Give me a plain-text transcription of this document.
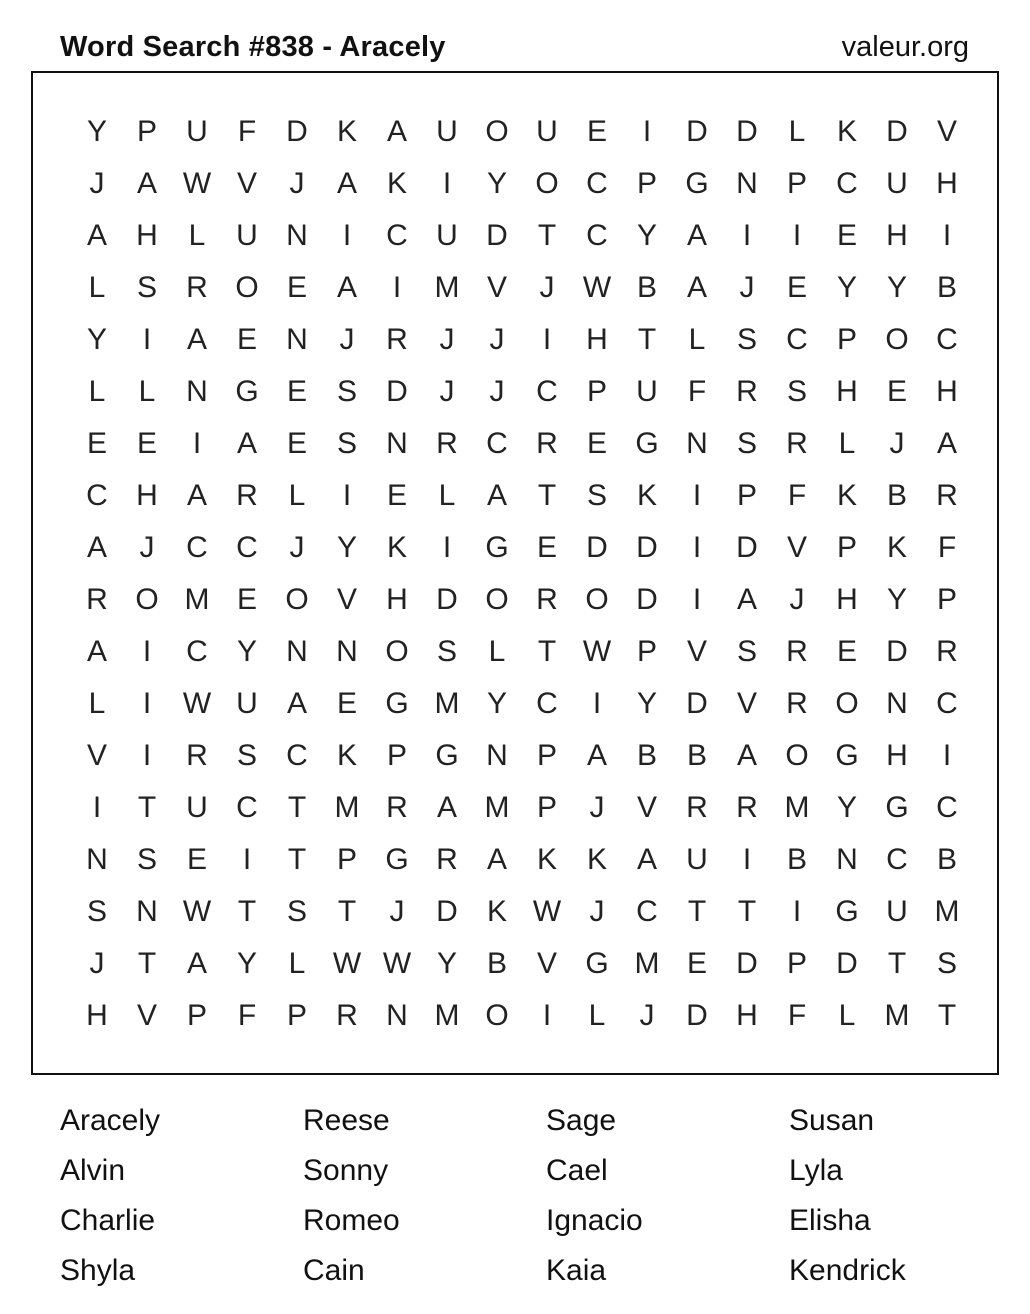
Word Search #838 - Aracely	valeur.org
Y P U	F	D K A U O U E	I	D D	L	K D V
J	A W V	J	A K	I	Y O C P G N P C U H
A H	L	U N	I	C U D	T	C Y A	I	I	E H	I
L	S R O E A	I	M V	J W B A	J	E Y Y B
Y	I	A E N	J	R	J	J	I	H	T	L	S C P O C
L	L	N G E S D	J	J	C P U	F	R S H E H
E E	I	A E S N R C R E G N S R	L	J	A
C H A R	L	I	E	L	A	T	S K	I	P	F	K B R
A	J	C C	J	Y K	I	G E D D	I	D V P K	F
R O M E O V H D O R O D	I	A	J	H Y P
A	I	C Y N N O S	L	T W P V S R E D R
L	I	W U A E G M Y C	I	Y D V R O N C
V	I	R S C K P G N P A B B A O G H	I
I	T	U C	T M R A M P	J	V R R M Y G C
N S E	I	T	P G R A K K A U	I	B N C B
S N W T	S	T	J	D K W J	C	T	T	I	G U M
J	T	A Y	L W W Y B V G M E D P D	T	S
H V P	F	P R N M O	I	L	J	D H	F	L M T
Aracely	Reese	Sage	Susan
Alvin	Sonny	Cael	Lyla
Charlie	Romeo	Ignacio	Elisha
Shyla	Cain	Kaia	Kendrick
